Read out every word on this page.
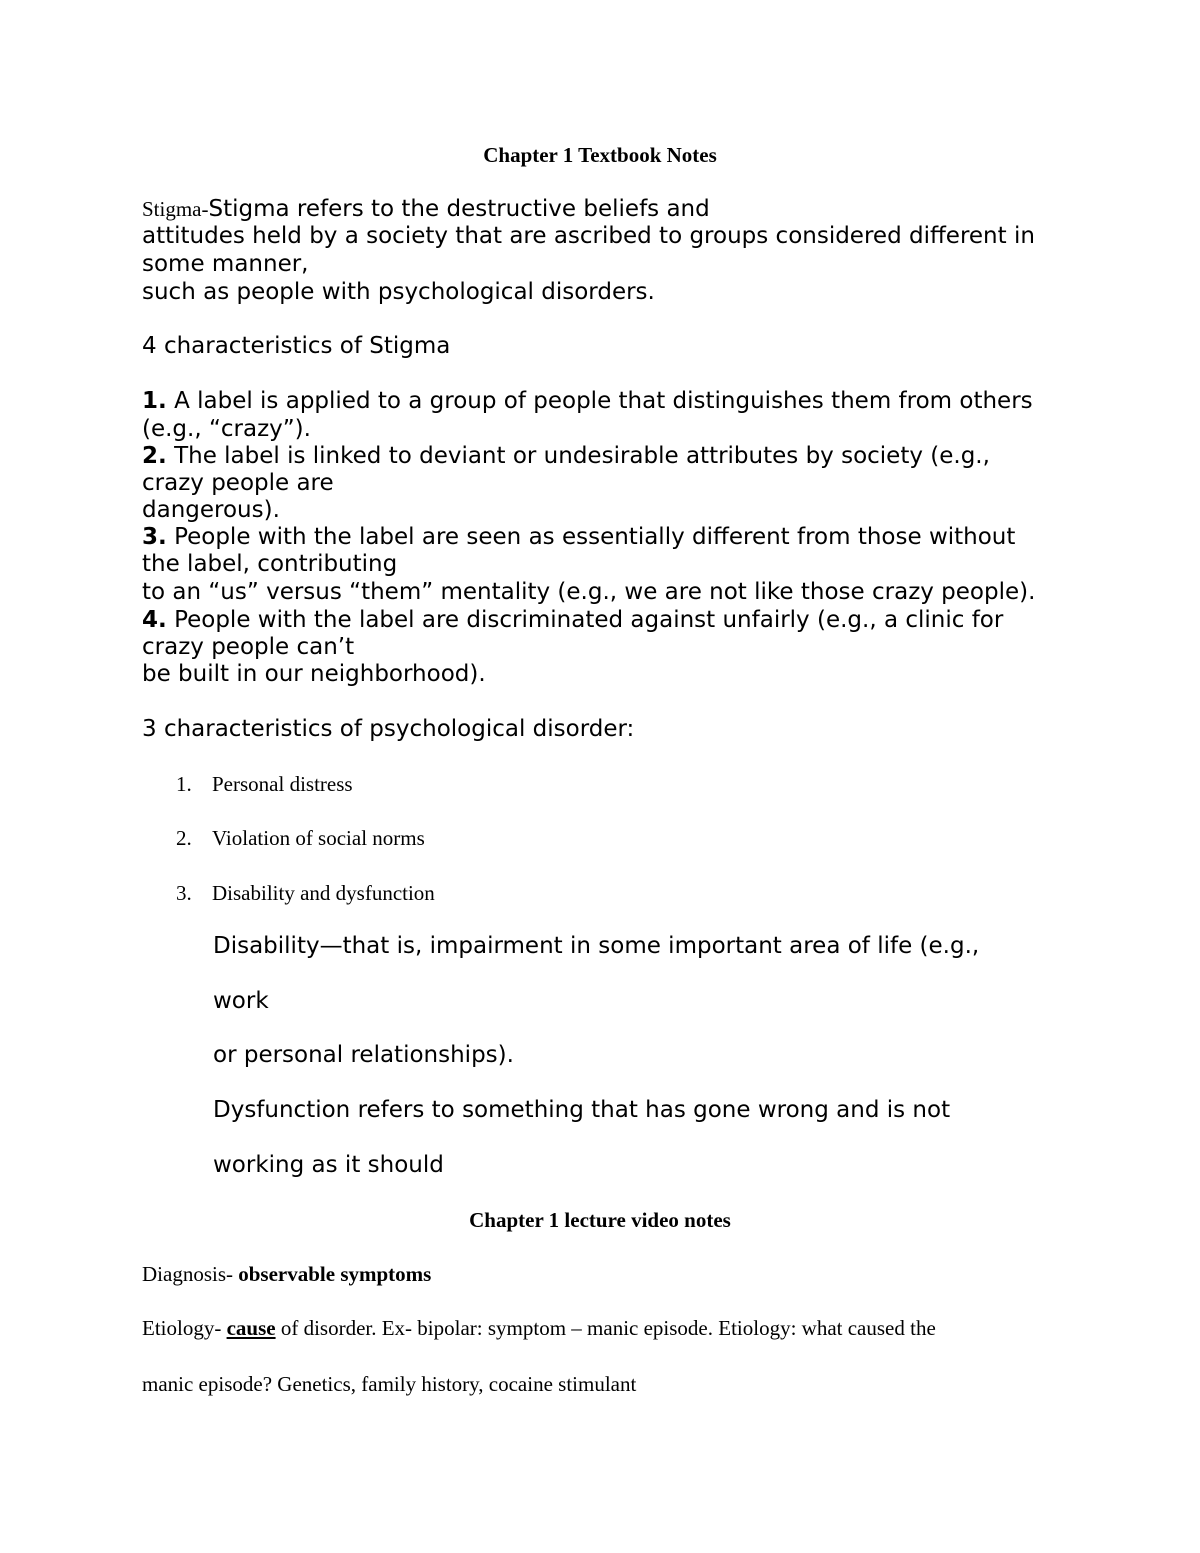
Chapter 1 Textbook Notes
Stigma-Stigma refers to the destructive beliefs and
attitudes held by a society that are ascribed to groups considered different in
some manner,
such as people with psychological disorders.
4 characteristics of Stigma
1. A label is applied to a group of people that distinguishes them from others
(e.g., “crazy”).
2. The label is linked to deviant or undesirable attributes by society (e.g.,
crazy people are
dangerous).
3. People with the label are seen as essentially different from those without
the label, contributing
to an “us” versus “them” mentality (e.g., we are not like those crazy people).
4. People with the label are discriminated against unfairly (e.g., a clinic for
crazy people can’t
be built in our neighborhood).
3 characteristics of psychological disorder:
1. Personal distress
2. Violation of social norms
3. Disability and dysfunction
Disability—that is, impairment in some important area of life (e.g.,
work
or personal relationships).
Dysfunction refers to something that has gone wrong and is not
working as it should
Chapter 1 lecture video notes
Diagnosis- observable symptoms
Etiology- cause of disorder. Ex- bipolar: symptom – manic episode. Etiology: what caused the
manic episode? Genetics, family history, cocaine stimulant
